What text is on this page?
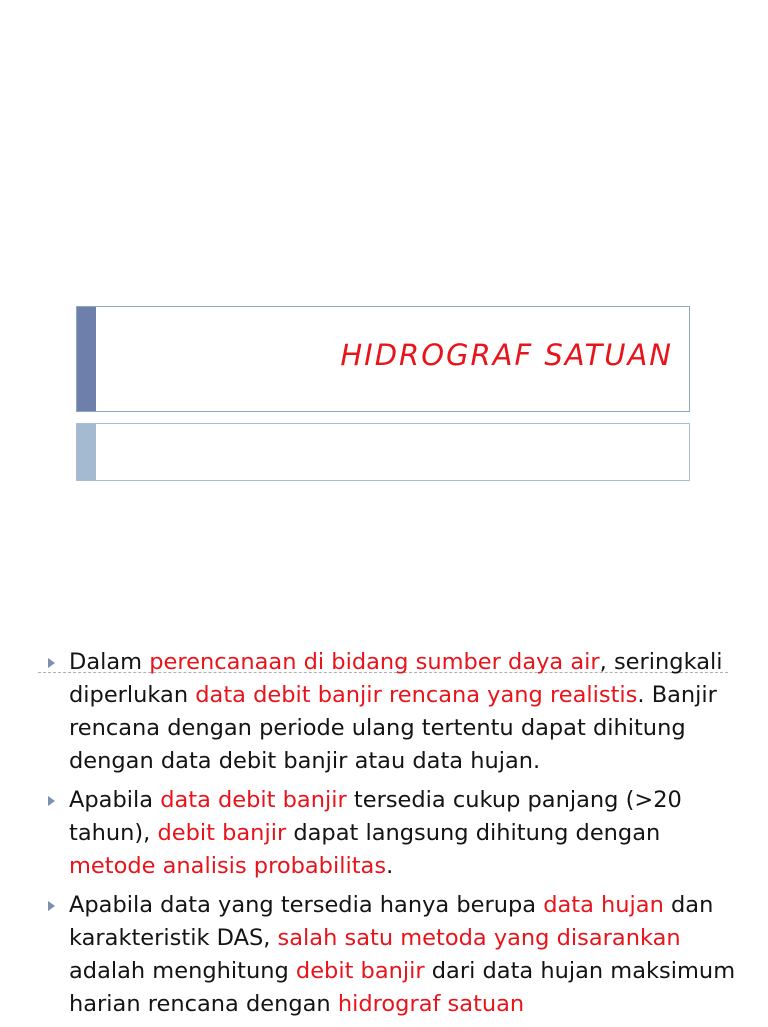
HIDROGRAF SATUAN
Dalam perencanaan di bidang sumber daya air, seringkali diperlukan data debit banjir rencana yang realistis. Banjir rencana dengan periode ulang tertentu dapat dihitung dengan data debit banjir atau data hujan.
Apabila data debit banjir tersedia cukup panjang (>20 tahun), debit banjir dapat langsung dihitung dengan metode analisis probabilitas.
Apabila data yang tersedia hanya berupa data hujan dan karakteristik DAS, salah satu metoda yang disarankan adalah menghitung debit banjir dari data hujan maksimum harian rencana dengan hidrograf satuan
